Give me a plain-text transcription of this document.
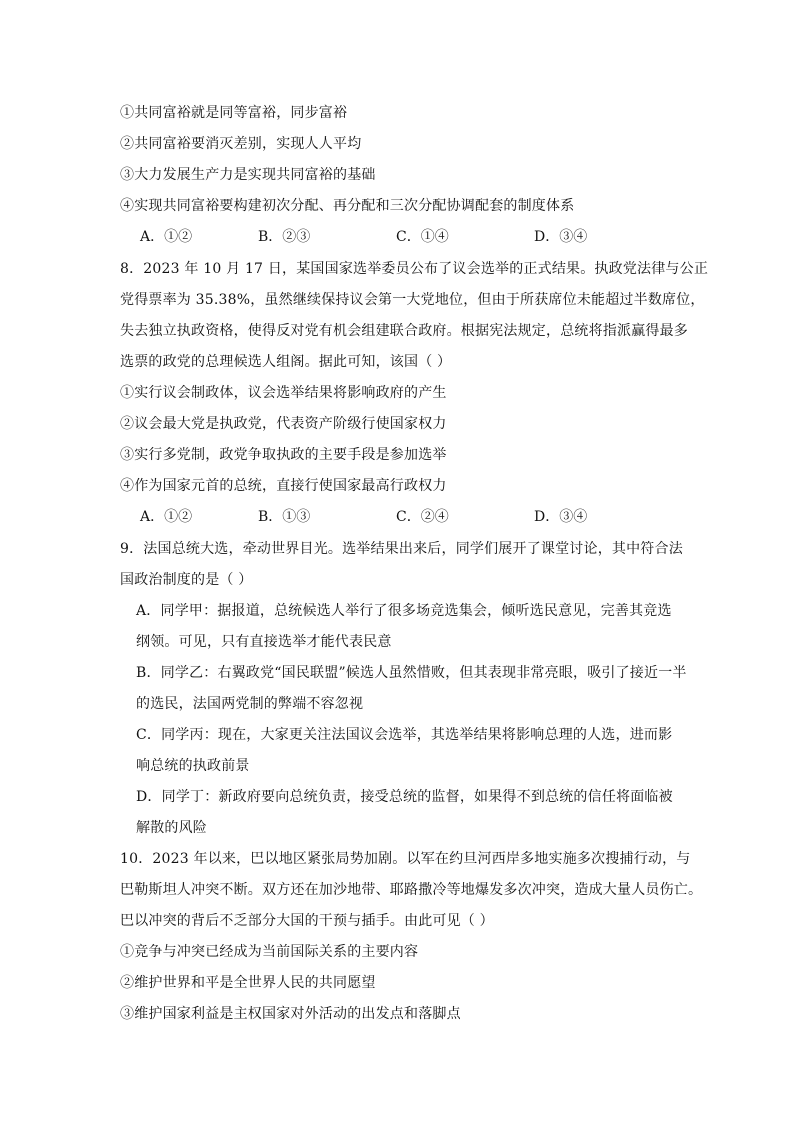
①共同富裕就是同等富裕，同步富裕
②共同富裕要消灭差别，实现人人平均
③大力发展生产力是实现共同富裕的基础
④实现共同富裕要构建初次分配、再分配和三次分配协调配套的制度体系
A．①②	B．②③	C．①④	D．③④
8．2023 年 10 月 17 日，某国国家选举委员公布了议会选举的正式结果。执政党法律与公正
党得票率为 35.38%，虽然继续保持议会第一大党地位，但由于所获席位未能超过半数席位，
失去独立执政资格，使得反对党有机会组建联合政府。根据宪法规定，总统将指派赢得最多
选票的政党的总理候选人组阁。据此可知，该国（ ）
①实行议会制政体，议会选举结果将影响政府的产生
②议会最大党是执政党，代表资产阶级行使国家权力
③实行多党制，政党争取执政的主要手段是参加选举
④作为国家元首的总统，直接行使国家最高行政权力
A．①②	B．①③	C．②④	D．③④
9．法国总统大选，牵动世界目光。选举结果出来后，同学们展开了课堂讨论，其中符合法
国政治制度的是（ ）
A．同学甲：据报道，总统候选人举行了很多场竞选集会，倾听选民意见，完善其竞选
纲领。可见，只有直接选举才能代表民意
B．同学乙：右翼政党“国民联盟”候选人虽然惜败，但其表现非常亮眼，吸引了接近一半
的选民，法国两党制的弊端不容忽视
C．同学丙：现在，大家更关注法国议会选举，其选举结果将影响总理的人选，进而影
响总统的执政前景
D．同学丁：新政府要向总统负责，接受总统的监督，如果得不到总统的信任将面临被
解散的风险
10．2023 年以来，巴以地区紧张局势加剧。以军在约旦河西岸多地实施多次搜捕行动，与
巴勒斯坦人冲突不断。双方还在加沙地带、耶路撒冷等地爆发多次冲突，造成大量人员伤亡。
巴以冲突的背后不乏部分大国的干预与插手。由此可见（ ）
①竞争与冲突已经成为当前国际关系的主要内容
②维护世界和平是全世界人民的共同愿望
③维护国家利益是主权国家对外活动的出发点和落脚点
